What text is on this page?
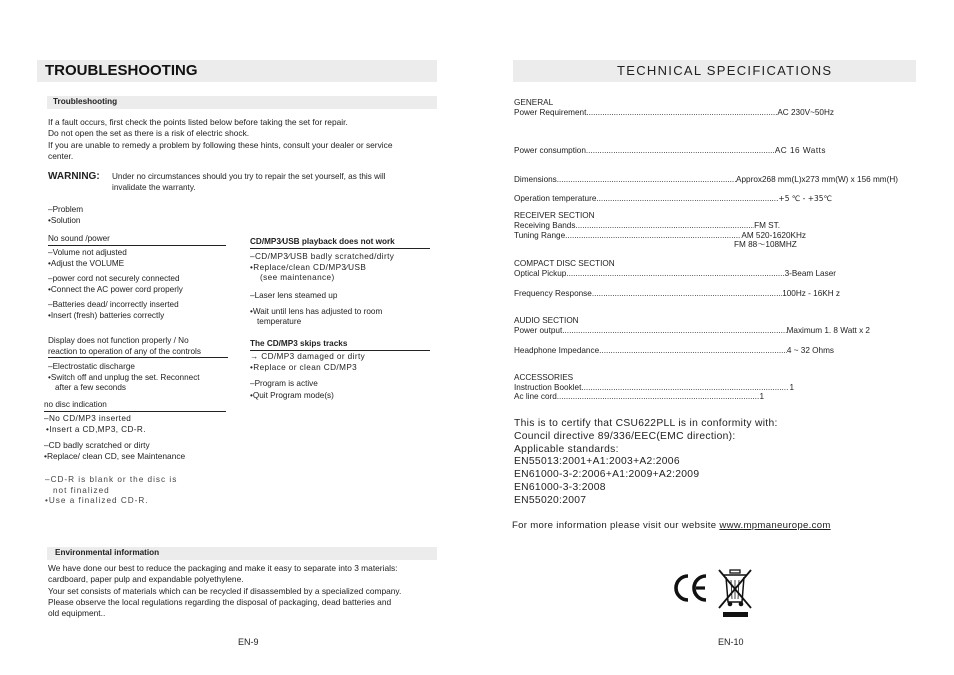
TROUBLESHOOTING
Troubleshooting
If a fault occurs, first check the points listed below before taking the set for repair.
Do not open the set as there is a risk of electric shock.
If you are unable to remedy a problem by following these hints, consult your dealer or service
center.
WARNING: Under no circumstances should you try to repair the set yourself, as this will
invalidate the warranty.
– Problem
• Solution
No sound /power
– Volume not adjusted
• Adjust the VOLUME
– power cord not securely connected
• Connect the AC power cord properly
– Batteries dead/ incorrectly inserted
• Insert (fresh) batteries correctly
Display does not function properly / No
reaction to operation of any of the controls
– Electrostatic discharge
• Switch off and unplug the set. Reconnect
after a few seconds
no disc indication
– No CD/MP3 inserted
• Insert a CD,MP3, CD-R.
– CD badly scratched or dirty
• Replace/ clean CD, see Maintenance
– CD-R is blank or the disc is
not finalized
• Use a finalized CD-R.
CD/MP3∕USB playback does not work
– CD/MP3∕USB badly scratched/dirty
• Replace/clean CD/MP3∕USB
(see maintenance)
– Laser lens steamed up
• Wait until lens has adjusted to room
temperature
The CD/MP3 skips tracks
→ CD/MP3 damaged or dirty
• Replace or clean CD/MP3
– Program is active
• Quit Program mode(s)
Environmental information
We have done our best to reduce the packaging and make it easy to separate into 3 materials:
cardboard, paper pulp and expandable polyethylene.
Your set consists of materials which can be recycled if disassembled by a specialized company.
Please observe the local regulations regarding the disposal of packaging, dead batteries and
old equipment..
EN-9
TECHNICAL SPECIFICATIONS
GENERAL
Power Requirement .....	AC 230V~50Hz
Power consumption .....	AC 16 Watts
Dimensions .....	Approx268 mm(L)x273 mm(W) x 156 mm(H)
Operation temperature .....	+5 ℃ - +35℃
RECEIVER SECTION
Receiving Bands .....	FM ST.
Tuning Range .....	AM 520-1620KHz
FM 88～108MHZ
COMPACT DISC SECTION
Optical Pickup .....	3-Beam Laser
Frequency Response .....	100Hz - 16KH z
AUDIO SECTION
Power output .....	Maximum 1. 8 Watt x 2
Headphone Impedance .....	4 ~ 32 Ohms
ACCESSORIES
Instruction Booklet .....	1
Ac line cord .....	1
This is to certify that CSU622PLL is in conformity with:
Council directive 89/336/EEC(EMC direction):
Applicable standards:
EN55013:2001+A1:2003+A2:2006
EN61000-3-2:2006+A1:2009+A2:2009
EN61000-3-3:2008
EN55020:2007
For more information please visit our website www.mpmaneurope.com
EN-10
